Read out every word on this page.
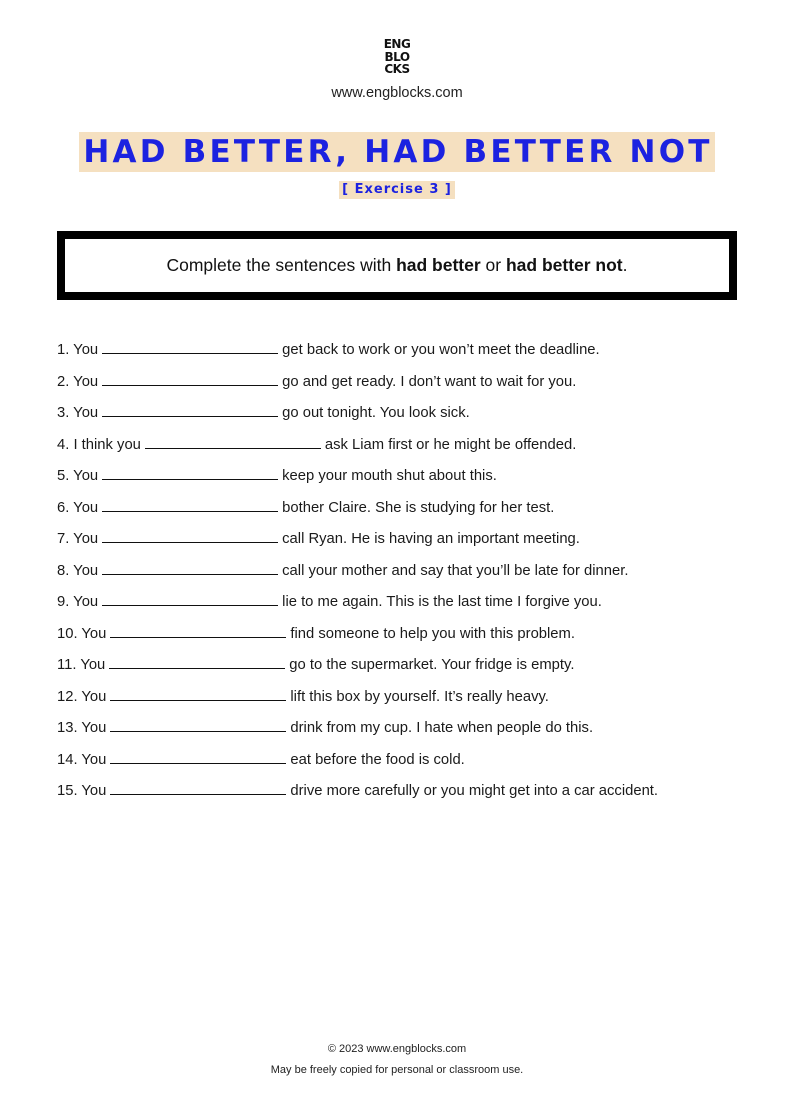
ENG
BLO
CKS
www.engblocks.com
HAD BETTER, HAD BETTER NOT
[ Exercise 3 ]
Complete the sentences with had better or had better not.
1. You	get back to work or you won’t meet the deadline.
2. You	go and get ready. I don’t want to wait for you.
3. You	go out tonight. You look sick.
4. I think you	ask Liam first or he might be offended.
5. You	keep your mouth shut about this.
6. You	bother Claire. She is studying for her test.
7. You	call Ryan. He is having an important meeting.
8. You	call your mother and say that you’ll be late for dinner.
9. You	lie to me again. This is the last time I forgive you.
10. You	find someone to help you with this problem.
11. You	go to the supermarket. Your fridge is empty.
12. You	lift this box by yourself. It’s really heavy.
13. You	drink from my cup. I hate when people do this.
14. You	eat before the food is cold.
15. You	drive more carefully or you might get into a car accident.
© 2023 www.engblocks.com
May be freely copied for personal or classroom use.
